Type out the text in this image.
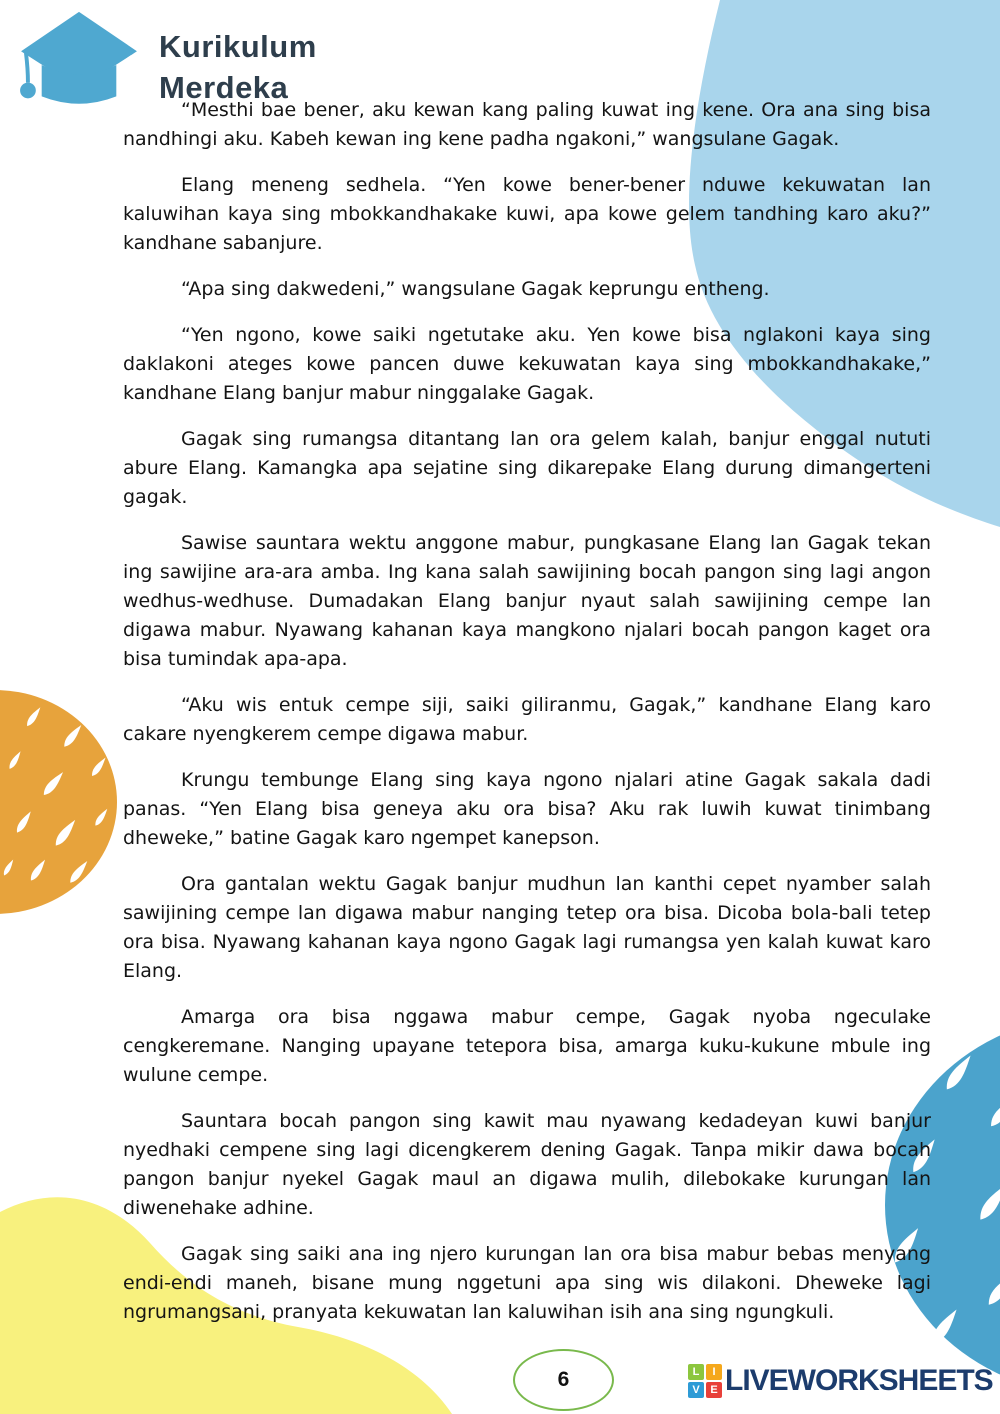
Kurikulum
Merdeka

“Mesthi bae bener, aku kewan kang paling kuwat ing kene. Ora ana sing bisa nandhingi aku. Kabeh kewan ing kene padha ngakoni,” wangsulane Gagak.

Elang meneng sedhela. “Yen kowe bener-bener nduwe kekuwatan lan kaluwihan kaya sing mbokkandhakake kuwi, apa kowe gelem tandhing karo aku?” kandhane sabanjure.

“Apa sing dakwedeni,” wangsulane Gagak keprungu entheng.

“Yen ngono, kowe saiki ngetutake aku. Yen kowe bisa nglakoni kaya sing daklakoni ateges kowe pancen duwe kekuwatan kaya sing mbokkandhakake,” kandhane Elang banjur mabur ninggalake Gagak.

Gagak sing rumangsa ditantang lan ora gelem kalah, banjur enggal nututi abure Elang. Kamangka apa sejatine sing dikarepake Elang durung dimangerteni gagak.

Sawise sauntara wektu anggone mabur, pungkasane Elang lan Gagak tekan ing sawijine ara-ara amba. Ing kana salah sawijining bocah pangon sing lagi angon wedhus-wedhuse. Dumadakan Elang banjur nyaut salah sawijining cempe lan digawa mabur. Nyawang kahanan kaya mangkono njalari bocah pangon kaget ora bisa tumindak apa-apa.

“Aku wis entuk cempe siji, saiki giliranmu, Gagak,” kandhane Elang karo cakare nyengkerem cempe digawa mabur.

Krungu tembunge Elang sing kaya ngono njalari atine Gagak sakala dadi panas. “Yen Elang bisa geneya aku ora bisa? Aku rak luwih kuwat tinimbang dheweke,” batine Gagak karo ngempet kanepson.

Ora gantalan wektu Gagak banjur mudhun lan kanthi cepet nyamber salah sawijining cempe lan digawa mabur nanging tetep ora bisa. Dicoba bola-bali tetep ora bisa. Nyawang kahanan kaya ngono Gagak lagi rumangsa yen kalah kuwat karo Elang.

Amarga ora bisa nggawa mabur cempe, Gagak nyoba ngeculake cengkeremane. Nanging upayane tetepora bisa, amarga kuku-kukune mbule ing wulune cempe.

Sauntara bocah pangon sing kawit mau nyawang kedadeyan kuwi banjur nyedhaki cempene sing lagi dicengkerem dening Gagak. Tanpa mikir dawa bocah pangon banjur nyekel Gagak maul an digawa mulih, dilebokake kurungan lan diwenehake adhine.

Gagak sing saiki ana ing njero kurungan lan ora bisa mabur bebas menyang endi-endi maneh, bisane mung nggetuni apa sing wis dilakoni. Dheweke lagi ngrumangsani, pranyata kekuwatan lan kaluwihan isih ana sing ngungkuli.

6	L	I
V E LIVEWORKSHEETS
